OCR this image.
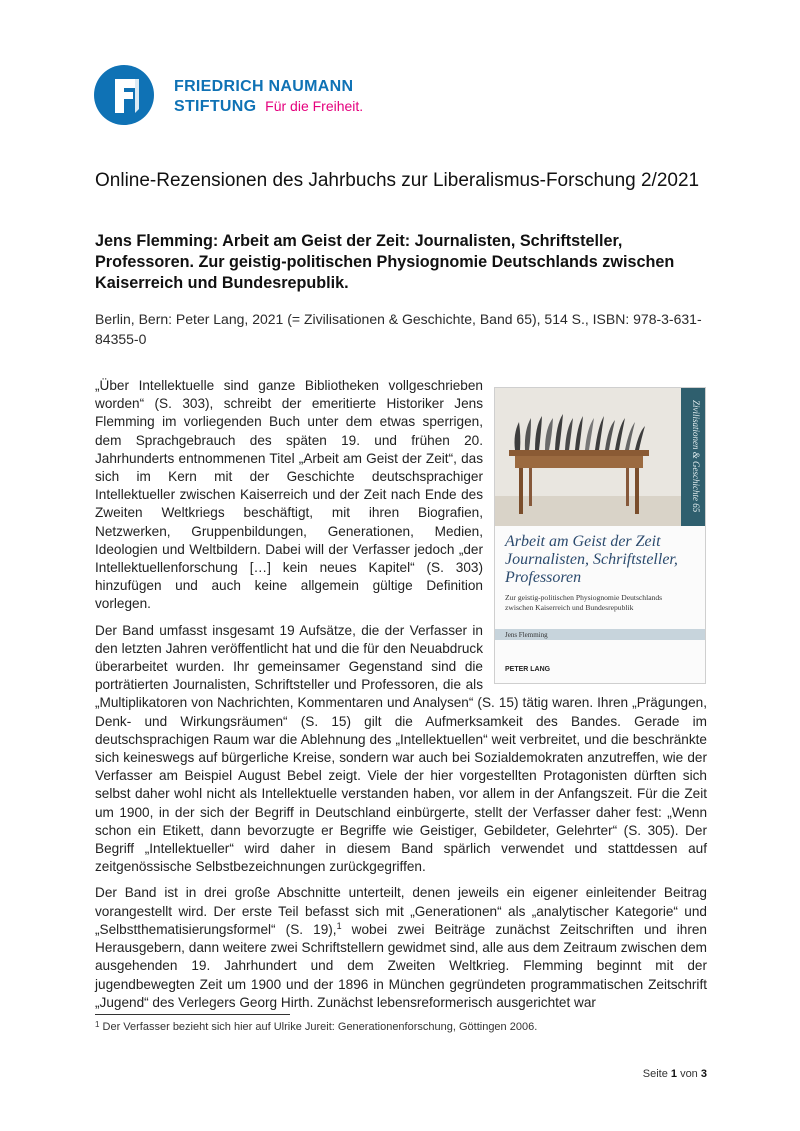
FRIEDRICH NAUMANN
STIFTUNG Für die Freiheit.
Online-Rezensionen des Jahrbuchs zur Liberalismus-Forschung 2/2021
Jens Flemming: Arbeit am Geist der Zeit: Journalisten, Schriftsteller, Professoren. Zur geistig-politischen Physiognomie Deutschlands zwischen Kaiserreich und Bundesrepublik.

Berlin, Bern: Peter Lang, 2021 (= Zivilisationen & Geschichte, Band 65), 514 S., ISBN: 978-3-631-84355-0

Zivilisationen & Geschichte 65
Arbeit am Geist der Zeit
Journalisten, Schriftsteller,
Professoren
Zur geistig-politischen Physiognomie Deutschlands
zwischen Kaiserreich und Bundesrepublik
Jens Flemming
PETER LANG

„Über Intellektuelle sind ganze Bibliotheken vollgeschrieben worden“ (S. 303), schreibt der emeritierte Historiker Jens Flemming im vorliegenden Buch unter dem etwas sperrigen, dem Sprachgebrauch des späten 19. und frühen 20. Jahrhunderts entnommenen Titel „Arbeit am Geist der Zeit“, das sich im Kern mit der Geschichte deutschsprachiger Intellektueller zwischen Kaiserreich und der Zeit nach Ende des Zweiten Weltkriegs beschäftigt, mit ihren Biografien, Netzwerken, Gruppenbildungen, Generationen, Medien, Ideologien und Weltbildern. Dabei will der Verfasser jedoch „der Intellektuellenforschung […] kein neues Kapitel“ (S. 303) hinzufügen und auch keine allgemein gültige Definition vorlegen.

Der Band umfasst insgesamt 19 Aufsätze, die der Verfasser in den letzten Jahren veröffentlicht hat und die für den Neuabdruck überarbeitet wurden. Ihr gemeinsamer Gegenstand sind die porträtierten Journalisten, Schriftsteller und Professoren, die als „Multiplikatoren von Nachrichten, Kommentaren und Analysen“ (S. 15) tätig waren. Ihren „Prägungen, Denk- und Wirkungsräumen“ (S. 15) gilt die Aufmerksamkeit des Bandes. Gerade im deutschsprachigen Raum war die Ablehnung des „Intellektuellen“ weit verbreitet, und die beschränkte sich keineswegs auf bürgerliche Kreise, sondern war auch bei Sozialdemokraten anzutreffen, wie der Verfasser am Beispiel August Bebel zeigt. Viele der hier vorgestellten Protagonisten dürften sich selbst daher wohl nicht als Intellektuelle verstanden haben, vor allem in der Anfangszeit. Für die Zeit um 1900, in der sich der Begriff in Deutschland einbürgerte, stellt der Verfasser daher fest: „Wenn schon ein Etikett, dann bevorzugte er Begriffe wie Geistiger, Gebildeter, Gelehrter“ (S. 305). Der Begriff „Intellektueller“ wird daher in diesem Band spärlich verwendet und stattdessen auf zeitgenössische Selbstbezeichnungen zurückgegriffen.

Der Band ist in drei große Abschnitte unterteilt, denen jeweils ein eigener einleitender Beitrag vorangestellt wird. Der erste Teil befasst sich mit „Generationen“ als „analytischer Kategorie“ und „Selbstthematisierungsformel“ (S. 19),$^1$ wobei zwei Beiträge zunächst Zeitschriften und ihren Herausgebern, dann weitere zwei Schriftstellern gewidmet sind, alle aus dem Zeitraum zwischen dem ausgehenden 19. Jahrhundert und dem Zweiten Weltkrieg. Flemming beginnt mit der jugendbewegten Zeit um 1900 und der 1896 in München gegründeten programmatischen Zeitschrift „Jugend“ des Verlegers Georg Hirth. Zunächst lebensreformerisch ausgerichtet war

$^1$ Der Verfasser bezieht sich hier auf Ulrike Jureit: Generationenforschung, Göttingen 2006.
Seite 1 von 3
